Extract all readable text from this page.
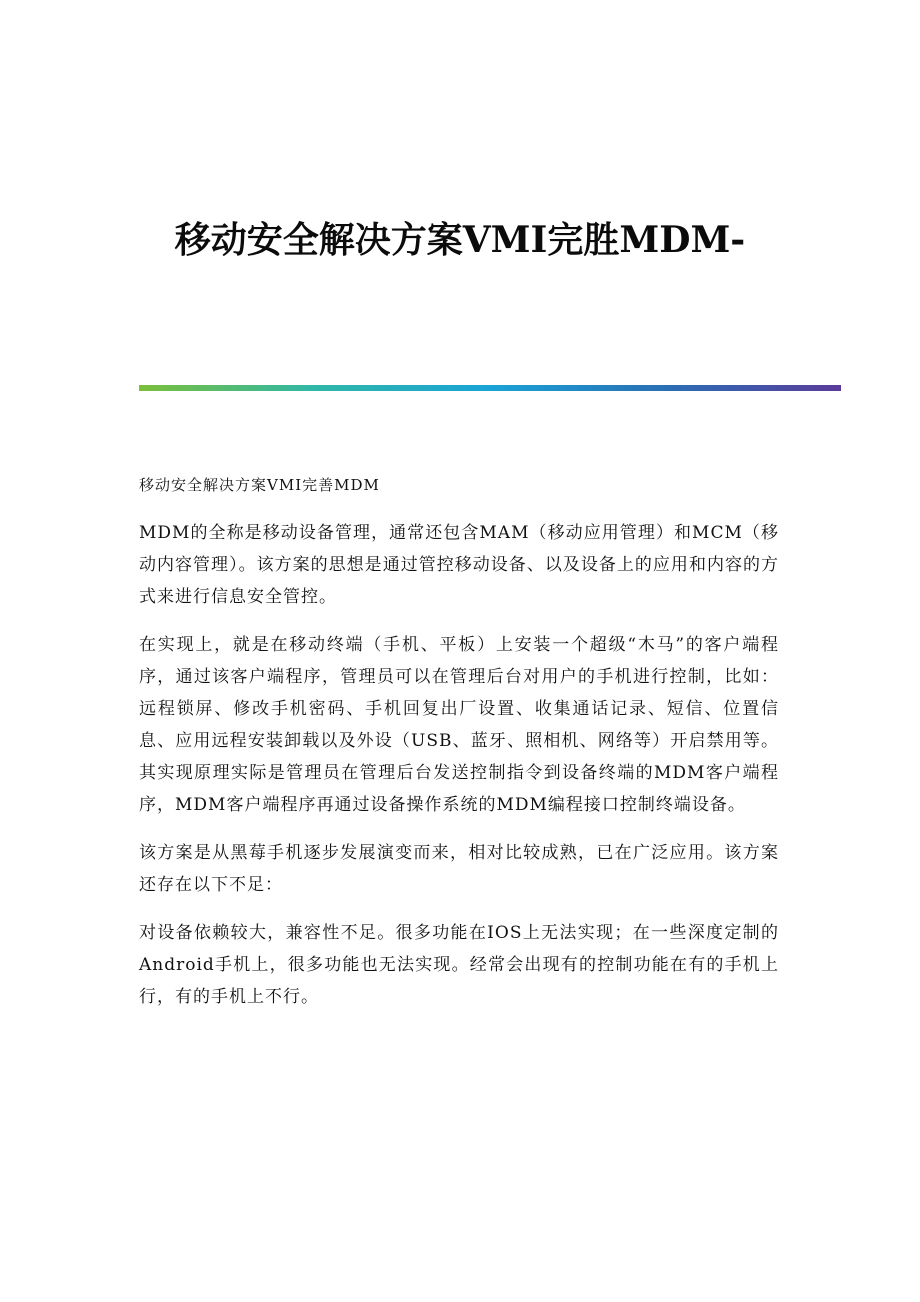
移动安全解决方案VMI完胜MDM-

移动安全解决方案VMI完善MDM

MDM的全称是移动设备管理，通常还包含MAM（移动应用管理）和MCM（移动内容管理）。该方案的思想是通过管控移动设备、以及设备上的应用和内容的方式来进行信息安全管控。

在实现上，就是在移动终端（手机、平板）上安装一个超级“木马”的客户端程序，通过该客户端程序，管理员可以在管理后台对用户的手机进行控制，比如：远程锁屏、修改手机密码、手机回复出厂设置、收集通话记录、短信、位置信息、应用远程安装卸载以及外设（USB、蓝牙、照相机、网络等）开启禁用等。其实现原理实际是管理员在管理后台发送控制指令到设备终端的MDM客户端程序，MDM客户端程序再通过设备操作系统的MDM编程接口控制终端设备。

该方案是从黑莓手机逐步发展演变而来，相对比较成熟，已在广泛应用。该方案还存在以下不足：

对设备依赖较大，兼容性不足。很多功能在IOS上无法实现；在一些深度定制的Android手机上，很多功能也无法实现。经常会出现有的控制功能在有的手机上行，有的手机上不行。
